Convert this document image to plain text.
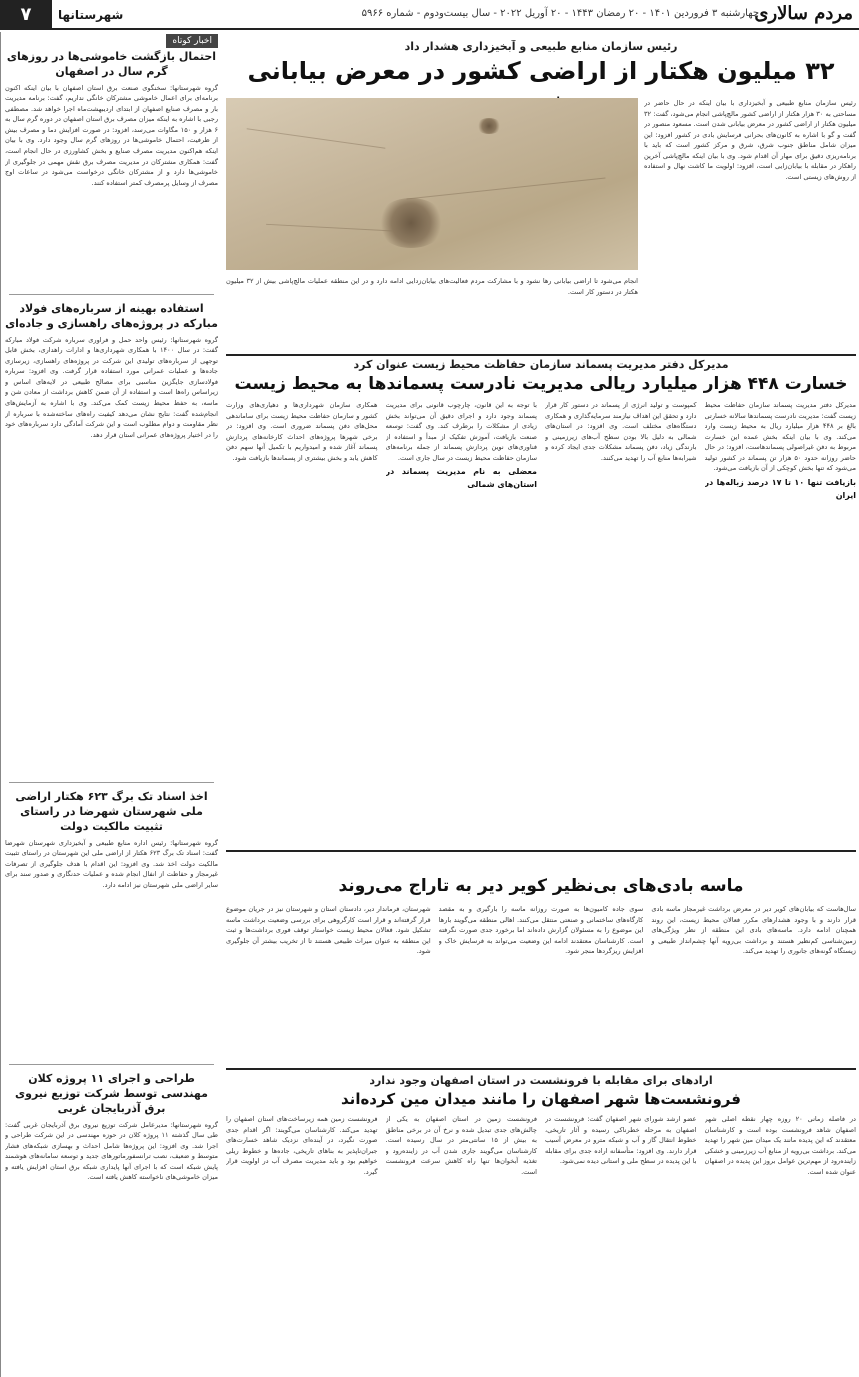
مردم سالاری
چهارشنبه ۳ فروردین ۱۴۰۱ - ۲۰ رمضان ۱۴۴۳ - ۲۰ آوریل ۲۰۲۲ - سال بیست‌و‌دوم - شماره ۵۹۶۶
۷	شهرستانها
اخبار کوتاه
احتمال بازگشت خاموشی‌ها در روزهای گرم سال در اصفهان

گروه شهرستانها: سخنگوی صنعت برق استان اصفهان با بیان اینکه اکنون برنامه‌ای برای اعمال خاموشی مشترکان خانگی نداریم، گفت: برنامه مدیریت بار و مصرف صنایع اصفهان از ابتدای اردیبهشت‌ماه اجرا خواهد شد. مصطفی رجبی با اشاره به اینکه میزان مصرف برق استان اصفهان در دوره گرم سال به ۶ هزار و ۱۵۰ مگاوات می‌رسد، افزود: در صورت افزایش دما و مصرف بیش از ظرفیت، احتمال خاموشی‌ها در روزهای گرم سال وجود دارد. وی با بیان اینکه هم‌اکنون مدیریت مصرف صنایع و بخش کشاورزی در حال انجام است، گفت: همکاری مشترکان در مدیریت مصرف برق نقش مهمی در جلوگیری از خاموشی‌ها دارد و از مشترکان خانگی درخواست می‌شود در ساعات اوج مصرف از وسایل پرمصرف کمتر استفاده کنند.

استفاده بهینه از سرباره‌های فولاد مبارکه در پروژه‌های راهسازی و جاده‌ای

گروه شهرستانها: رئیس واحد حمل و فراوری سرباره شرکت فولاد مبارکه گفت: در سال ۱۴۰۰ با همکاری شهرداری‌ها و ادارات راهداری، بخش قابل توجهی از سرباره‌های تولیدی این شرکت در پروژه‌های راهسازی، زیرسازی جاده‌ها و عملیات عمرانی مورد استفاده قرار گرفت. وی افزود: سرباره فولادسازی جایگزین مناسبی برای مصالح طبیعی در لایه‌های اساس و زیراساس راه‌ها است و استفاده از آن ضمن کاهش برداشت از معادن شن و ماسه، به حفظ محیط زیست کمک می‌کند. وی با اشاره به آزمایش‌های انجام‌شده گفت: نتایج نشان می‌دهد کیفیت راه‌های ساخته‌شده با سرباره از نظر مقاومت و دوام مطلوب است و این شرکت آمادگی دارد سرباره‌های خود را در اختیار پروژه‌های عمرانی استان قرار دهد.

اخذ اسناد تک برگ ۶۲۳ هکتار اراضی ملی شهرستان شهرضا در راستای تثبیت مالکیت دولت

گروه شهرستانها: رئیس اداره منابع طبیعی و آبخیزداری شهرستان شهرضا گفت: اسناد تک برگ ۶۲۳ هکتار از اراضی ملی این شهرستان در راستای تثبیت مالکیت دولت اخذ شد. وی افزود: این اقدام با هدف جلوگیری از تصرفات غیرمجاز و حفاظت از انفال انجام شده و عملیات حدنگاری و صدور سند برای سایر اراضی ملی شهرستان نیز ادامه دارد.

طراحی و اجرای ۱۱ پروژه کلان مهندسی توسط شرکت توزیع نیروی برق آذربایجان غربی

گروه شهرستانها: مدیرعامل شرکت توزیع نیروی برق آذربایجان غربی گفت: طی سال گذشته ۱۱ پروژه کلان در حوزه مهندسی در این شرکت طراحی و اجرا شد. وی افزود: این پروژه‌ها شامل احداث و بهسازی شبکه‌های فشار متوسط و ضعیف، نصب ترانسفورماتورهای جدید و توسعه سامانه‌های هوشمند پایش شبکه است که با اجرای آنها پایداری شبکه برق استان افزایش یافته و میزان خاموشی‌های ناخواسته کاهش یافته است.

رئیس سازمان منابع طبیعی و آبخیزداری هشدار داد
۳۲ میلیون هکتار از اراضی کشور در معرض بیابانی
رئیس سازمان منابع طبیعی و آبخیزداری با بیان اینکه در حال حاضر در مساحتی به ۳۰ هزار هکتار از اراضی کشور مالچ‌پاشی انجام می‌شود، گفت: ۳۲ میلیون هکتار از اراضی کشور در معرض بیابانی شدن است. مسعود منصور در گفت و گو با اشاره به کانون‌های بحرانی فرسایش بادی در کشور افزود: این میزان شامل مناطق جنوب شرق، شرق و مرکز کشور است که باید با برنامه‌ریزی دقیق برای مهار آن اقدام شود. وی با بیان اینکه مالچ‌پاشی آخرین راهکار در مقابله با بیابان‌زایی است، افزود: اولویت ما کاشت نهال و استفاده از روش‌های زیستی است.
انجام می‌شود تا اراضی بیابانی رها نشود و با مشارکت مردم فعالیت‌های بیابان‌زدایی ادامه دارد و در این منطقه عملیات مالچ‌پاشی بیش از ۳۲ میلیون هکتار در دستور کار است.
مدیرکل دفتر مدیریت پسماند سازمان حفاظت محیط زیست عنوان کرد
خسارت ۴۴۸ هزار میلیارد ریالی مدیریت نادرست پسماندها به محیط زیست
مدیرکل دفتر مدیریت پسماند سازمان حفاظت محیط زیست گفت: مدیریت نادرست پسماندها سالانه خسارتی بالغ بر ۴۴۸ هزار میلیارد ریال به محیط زیست وارد می‌کند. وی با بیان اینکه بخش عمده این خسارت مربوط به دفن غیراصولی پسماندهاست، افزود: در حال حاضر روزانه حدود ۵۰ هزار تن پسماند در کشور تولید می‌شود که تنها بخش کوچکی از آن بازیافت می‌شود.
بازیافت تنها ۱۰ تا ۱۷ درصد زباله‌ها در ایران
کمپوست و تولید انرژی از پسماند در دستور کار قرار دارد و تحقق این اهداف نیازمند سرمایه‌گذاری و همکاری دستگاه‌های مختلف است. وی افزود: در استان‌های شمالی به دلیل بالا بودن سطح آب‌های زیرزمینی و بارندگی زیاد، دفن پسماند مشکلات جدی ایجاد کرده و شیرابه‌ها منابع آب را تهدید می‌کنند.
با توجه به این قانون، چارچوب قانونی برای مدیریت پسماند وجود دارد و اجرای دقیق آن می‌تواند بخش زیادی از مشکلات را برطرف کند. وی گفت: توسعه صنعت بازیافت، آموزش تفکیک از مبدأ و استفاده از فناوری‌های نوین پردازش پسماند از جمله برنامه‌های سازمان حفاظت محیط زیست در سال جاری است.
معضلی به نام مدیریت پسماند در استان‌های شمالی
همکاری سازمان شهرداری‌ها و دهیاری‌های وزارت کشور و سازمان حفاظت محیط زیست برای ساماندهی محل‌های دفن پسماند ضروری است. وی افزود: در برخی شهرها پروژه‌های احداث کارخانه‌های پردازش پسماند آغاز شده و امیدواریم با تکمیل آنها سهم دفن کاهش یابد و بخش بیشتری از پسماندها بازیافت شود.
ماسه بادی‌های بی‌نظیر کویر دیر به تاراج می‌روند
سال‌هاست که بیابان‌های کویر دیر در معرض برداشت غیرمجاز ماسه بادی قرار دارند و با وجود هشدارهای مکرر فعالان محیط زیست، این روند همچنان ادامه دارد. ماسه‌های بادی این منطقه از نظر ویژگی‌های زمین‌شناسی کم‌نظیر هستند و برداشت بی‌رویه آنها چشم‌انداز طبیعی و زیستگاه گونه‌های جانوری را تهدید می‌کند.
سوی جاده کامیون‌ها به صورت روزانه ماسه را بارگیری و به مقصد کارگاه‌های ساختمانی و صنعتی منتقل می‌کنند. اهالی منطقه می‌گویند بارها این موضوع را به مسئولان گزارش داده‌اند اما برخورد جدی صورت نگرفته است. کارشناسان معتقدند ادامه این وضعیت می‌تواند به فرسایش خاک و افزایش ریزگردها منجر شود.
شهرستان، فرماندار دیر، دادستان استان و شهرستان نیز در جریان موضوع قرار گرفته‌اند و قرار است کارگروهی برای بررسی وضعیت برداشت ماسه تشکیل شود. فعالان محیط زیست خواستار توقف فوری برداشت‌ها و ثبت این منطقه به عنوان میراث طبیعی هستند تا از تخریب بیشتر آن جلوگیری شود.
ارادهای برای مقابله با فرونشست در استان اصفهان وجود ندارد
فرونشست‌ها شهر اصفهان را مانند میدان مین کرده‌اند
در فاصله زمانی ۲۰ روزه چهار نقطه اصلی شهر اصفهان شاهد فرونشست بوده است و کارشناسان معتقدند که این پدیده مانند یک میدان مین شهر را تهدید می‌کند. برداشت بی‌رویه از منابع آب زیرزمینی و خشکی زاینده‌رود از مهم‌ترین عوامل بروز این پدیده در اصفهان عنوان شده است.
عضو ارشد شورای شهر اصفهان گفت: فرونشست در اصفهان به مرحله خطرناکی رسیده و آثار تاریخی، خطوط انتقال گاز و آب و شبکه مترو در معرض آسیب قرار دارند. وی افزود: متأسفانه اراده جدی برای مقابله با این پدیده در سطح ملی و استانی دیده نمی‌شود.
فرونشست زمین در استان اصفهان به یکی از چالش‌های جدی تبدیل شده و نرخ آن در برخی مناطق به بیش از ۱۵ سانتی‌متر در سال رسیده است. کارشناسان می‌گویند جاری شدن آب در زاینده‌رود و تغذیه آبخوان‌ها تنها راه کاهش سرعت فرونشست است.
فرونشست زمین همه زیرساخت‌های استان اصفهان را تهدید می‌کند. کارشناسان می‌گویند: اگر اقدام جدی صورت نگیرد، در آینده‌ای نزدیک شاهد خسارت‌های جبران‌ناپذیر به بناهای تاریخی، جاده‌ها و خطوط ریلی خواهیم بود و باید مدیریت مصرف آب در اولویت قرار گیرد.
